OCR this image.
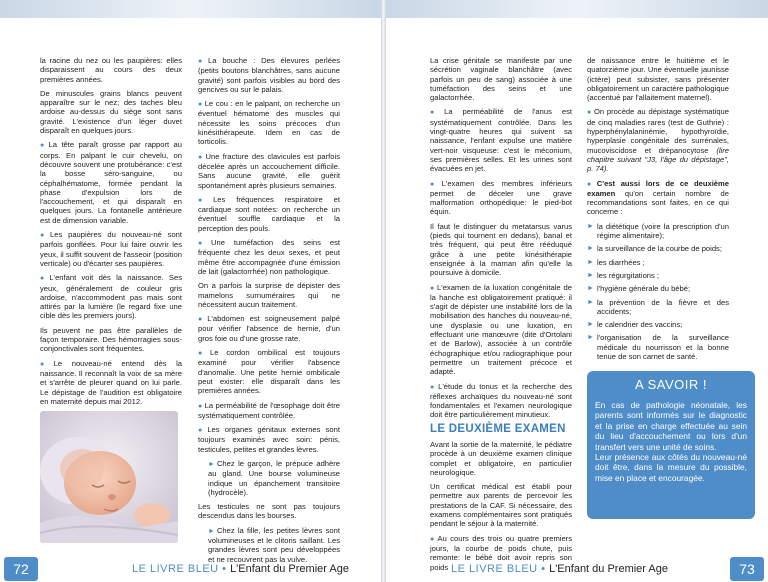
la racine du nez ou les paupières: elles disparaissent au cours des deux premières années.

De minuscules grains blancs peuvent apparaître sur le nez; des taches bleu ardoise au-dessus du siège sont sans gravité. L'existence d'un léger duvet disparaît en quelques jours.

● La tête paraît grosse par rapport au corps. En palpant le cuir chevelu, on découvre souvent une protubérance: c'est la bosse séro-sanguine, ou céphalhématome, formée pendant la phase d'expulsion lors de l'accouchement, et qui disparaît en quelques jours. La fontanelle antérieure est de dimension variable.

● Les paupières du nouveau-né sont parfois gonflées. Pour lui faire ouvrir les yeux, il suffit souvent de l'asseoir (position verticale) ou d'écarter ses paupières.

● L'enfant voit dès la naissance. Ses yeux, généralement de couleur gris ardoise, n'accommodent pas mais sont attirés par la lumière (le regard fixe une cible dès les premiers jours).

Ils peuvent ne pas être parallèles de façon temporaire. Des hémorragies sous-conjonctivales sont fréquentes.

● Le nouveau-né entend dès la naissance. Il reconnaît la voix de sa mère et s'arrête de pleurer quand on lui parle. Le dépistage de l'audition est obligatoire en maternité depuis mai 2012.

● La bouche : Des élevures perlées (petits boutons blanchâtres, sans aucune gravité) sont parfois visibles au bord des gencives ou sur le palais.

● Le cou : en le palpant, on recherche un éventuel hématome des muscles qui nécessite les soins précoces d'un kinésithérapeute. Idem en cas de torticolis.

● Une fracture des clavicules est parfois décelée après un accouchement difficile. Sans aucune gravité, elle guérit spontanément après plusieurs semaines.

● Les fréquences respiratoire et cardiaque sont notées: on recherche un éventuel souffle cardiaque et la perception des pouls.

● Une tuméfaction des seins est fréquente chez les deux sexes, et peut même être accompagnée d'une émission de lait (galactorrhée) non pathologique.

On a parfois la surprise de dépister des mamelons surnuméraires qui ne nécessitent aucun traitement.

● L'abdomen est soigneusement palpé pour vérifier l'absence de hernie, d'un gros foie ou d'une grosse rate.

● Le cordon ombilical est toujours examiné pour vérifier l'absence d'anomalie. Une petite hernie ombilicale peut exister: elle disparaît dans les premières années.

● La perméabilité de l'œsophage doit être systématiquement contrôlée.

● Les organes génitaux externes sont toujours examinés avec soin: pénis, testicules, petites et grandes lèvres.

► Chez le garçon, le prépuce adhère au gland. Une bourse volumineuse indique un épanchement transitoire (hydrocèle).

Les testicules ne sont pas toujours descendus dans les bourses.

► Chez la fille, les petites lèvres sont volumineuses et le clitoris saillant. Les grandes lèvres sont peu développées et ne recouvrent pas la vulve.

72	LE LIVRE BLEU • L'Enfant du Premier Age

La crise génitale se manifeste par une sécrétion vaginale blanchâtre (avec parfois un peu de sang) associée à une tuméfaction des seins et une galactorrhée.

● La perméabilité de l'anus est systématiquement contrôlée. Dans les vingt-quatre heures qui suivent sa naissance, l'enfant expulse une matière vert-noir visqueuse: c'est le méconium, ses premières selles. Et les urines sont évacuées en jet.

● L'examen des membres inférieurs permet de déceler une grave malformation orthopédique: le pied-bot équin.

Il faut le distinguer du metatarsus varus (pieds qui tournent en dedans), banal et très fréquent, qui peut être rééduqué grâce à une petite kinésithérapie enseignée à la maman afin qu'elle la poursuive à domicile.

● L'examen de la luxation congénitale de la hanche est obligatoirement pratiqué: il s'agit de dépister une instabilité lors de la mobilisation des hanches du nouveau-né, une dysplasie ou une luxation, en effectuant une manœuvre (dite d'Ortolani et de Barlow), associée à un contrôle échographique et/ou radiographique pour permettre un traitement précoce et adapté.

● L'étude du tonus et la recherche des réflexes archaïques du nouveau-né sont fondamentales et l'examen neurologique doit être particulièrement minutieux.

LE DEUXIÈME EXAMEN

Avant la sortie de la maternité, le pédiatre procède à un deuxième examen clinique complet et obligatoire, en particulier neurologique.

Un certificat médical est établi pour permettre aux parents de percevoir les prestations de la CAF. Si nécessaire, des examens complémentaires sont pratiqués pendant le séjour à la maternité.

● Au cours des trois ou quatre premiers jours, la courbe de poids chute, puis remonte: le bébé doit avoir repris son poids

de naissance entre le huitième et le quatorzième jour. Une éventuelle jaunisse (ictère) peut subsister, sans présenter obligatoirement un caractère pathologique (accentué par l'allaitement maternel).

● On procède au dépistage systématique de cinq maladies rares (test de Guthrie) : hyperphénylalaninémie, hypothyroïdie, hyperplasie congénitale des surrénales, mucoviscidose et drépanocytose (lire chapitre suivant "J3, l'âge du dépistage", p. 74).

● C'est aussi lors de ce deuxième examen qu'on certain nombre de recommandations sont faites, en ce qui concerne :

► la diététique (voire la prescription d'un régime alimentaire);
► la surveillance de la courbe de poids;
► les diarrhées ;
► les régurgitations ;
► l'hygiène générale du bébé;
► la prévention de la fièvre et des accidents;
► le calendrier des vaccins;
► l'organisation de la surveillance médicale du nourrisson et la bonne tenue de son carnet de santé.
LE LIVRE BLEU • L'Enfant du Premier Age	73
A SAVOIR !

En cas de pathologie néonatale, les parents sont informés sur le diagnostic et la prise en charge effectuée au sein du lieu d'accouchement ou lors d'un transfert vers une unité de soins.

Leur présence aux côtés du nouveau-né doit être, dans la mesure du possible, mise en place et encouragée.
